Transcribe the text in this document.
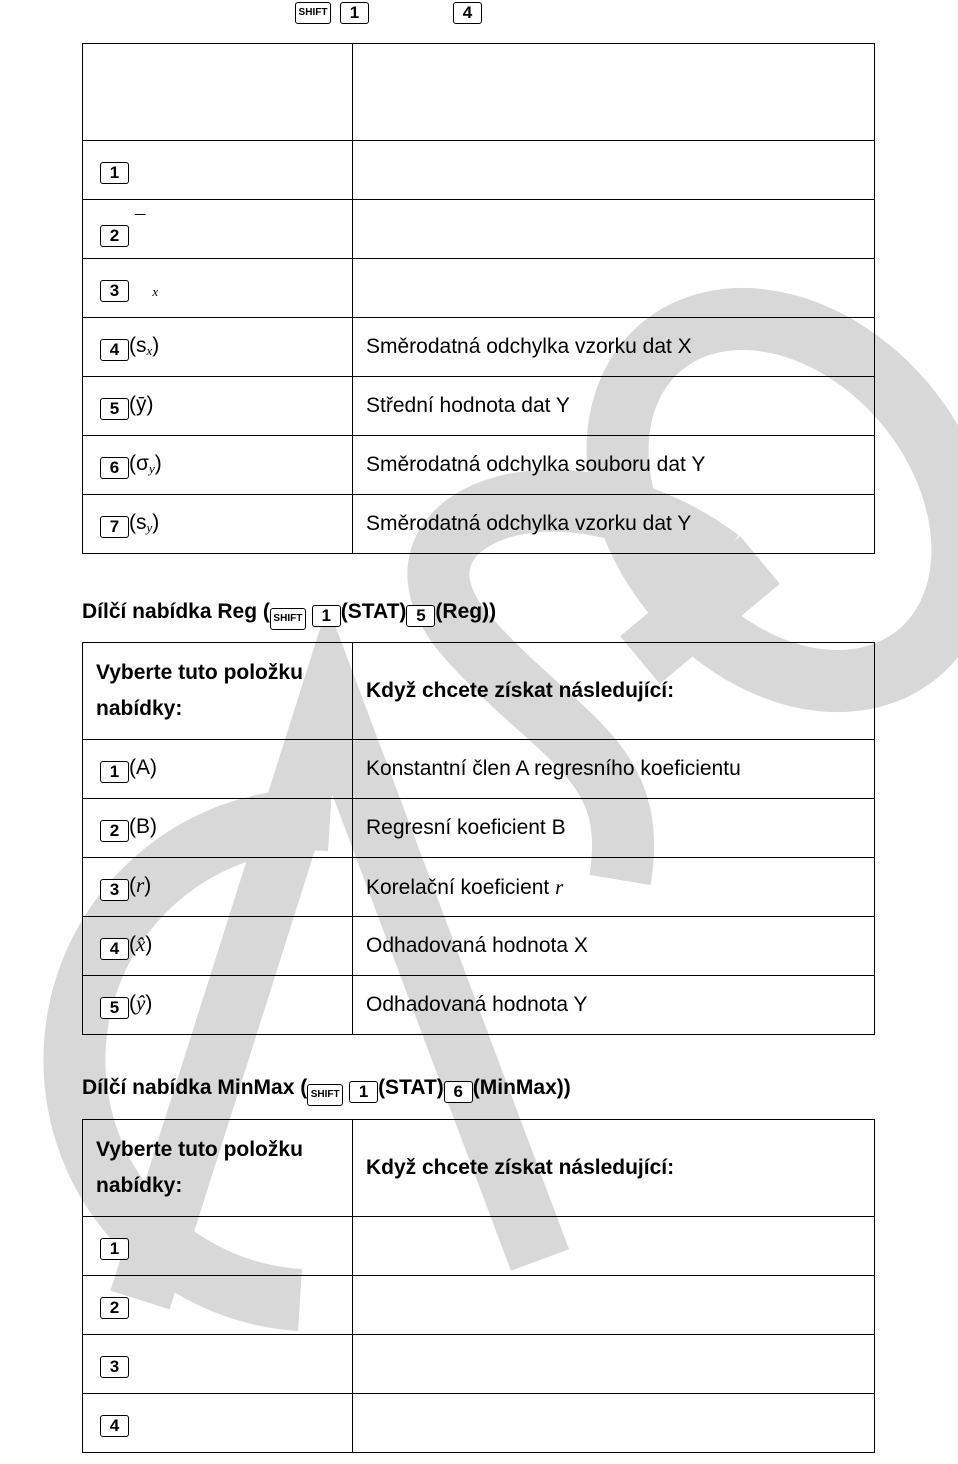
SHIFT	1	4

1	
2 ¯	
3 x	
4 $(s_x)$	Směrodatná odchylka vzorku dat X
5 (ȳ)	Střední hodnota dat Y
6 $(\sigma_y)$	Směrodatná odchylka souboru dat Y
7 $(s_y)$	Směrodatná odchylka vzorku dat Y
Dílčí nabídka Reg ( SHIFT 1 (STAT) 5 (Reg))
Vyberte tuto položku nabídky:	Když chcete získat následující:
1 (A)	Konstantní člen A regresního koeficientu
2 (B)	Regresní koeficient B
3 (r)	Korelační koeficient r
4 (x̂)	Odhadovaná hodnota X
5 (ŷ)	Odhadovaná hodnota Y
Dílčí nabídka MinMax ( SHIFT 1 (STAT) 6 (MinMax))
Vyberte tuto položku nabídky:	Když chcete získat následující:
1	
2	
3	
4	
